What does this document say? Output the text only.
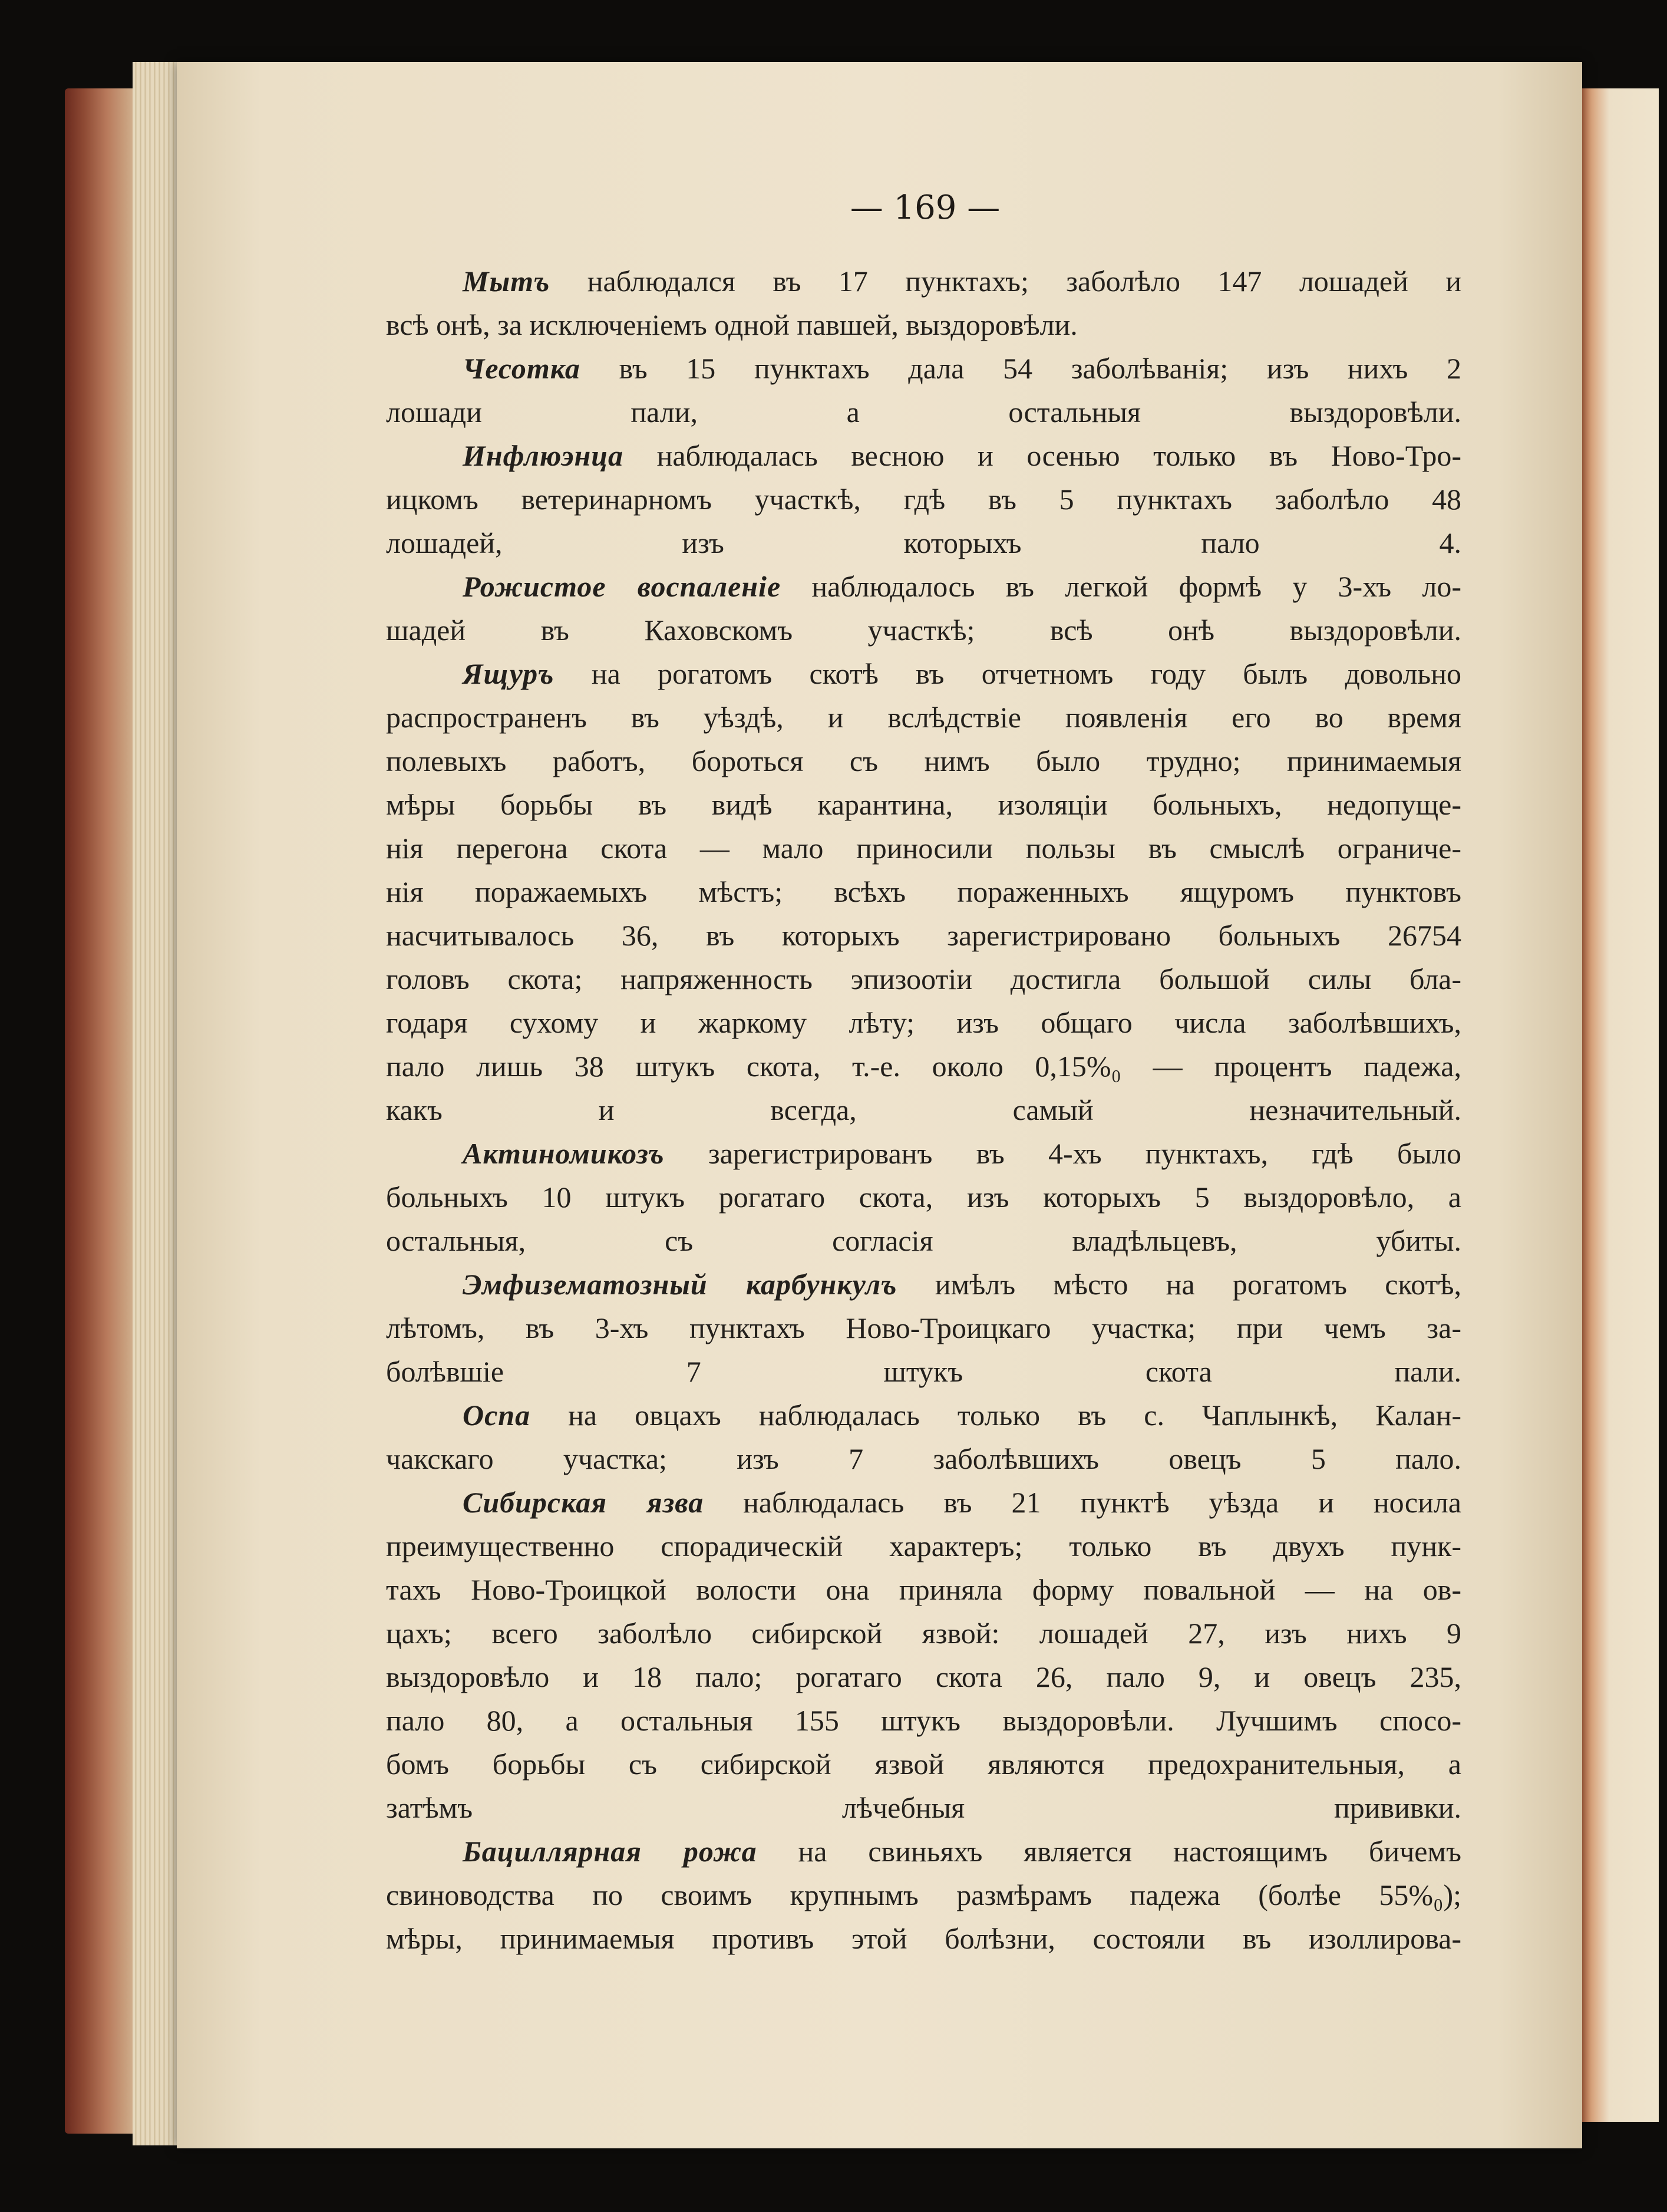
— 169 —

Мытъ наблюдался въ 17 пунктахъ; заболѣло 147 лошадей и
всѣ онѣ, за исключеніемъ одной павшей, выздоровѣли.

Чесотка въ 15 пунктахъ дала 54 заболѣванія; изъ нихъ 2
лошади пали, а остальныя выздоровѣли.

Инфлюэнца наблюдалась весною и осенью только въ Ново-Тро-
ицкомъ ветеринарномъ участкѣ, гдѣ въ 5 пунктахъ заболѣло 48
лошадей, изъ которыхъ пало 4.

Рожистое воспаленіе наблюдалось въ легкой формѣ у 3-хъ ло-
шадей въ Каховскомъ участкѣ; всѣ онѣ выздоровѣли.

Ящуръ на рогатомъ скотѣ въ отчетномъ году былъ довольно
распространенъ въ уѣздѣ, и вслѣдствіе появленія его во время
полевыхъ работъ, бороться съ нимъ было трудно; принимаемыя
мѣры борьбы въ видѣ карантина, изоляціи больныхъ, недопуще-
нія перегона скота — мало приносили пользы въ смыслѣ ограниче-
нія поражаемыхъ мѣстъ; всѣхъ пораженныхъ ящуромъ пунктовъ
насчитывалось 36, въ которыхъ зарегистрировано больныхъ 26754
головъ скота; напряженность эпизоотіи достигла большой силы бла-
годаря сухому и жаркому лѣту; изъ общаго числа заболѣвшихъ,
пало лишь 38 штукъ скота, т.-е. около 0,15%₀ — процентъ падежа,
какъ и всегда, самый незначительный.

Актиномикозъ зарегистрированъ въ 4-хъ пунктахъ, гдѣ было
больныхъ 10 штукъ рогатаго скота, изъ которыхъ 5 выздоровѣло, а
остальныя, съ согласія владѣльцевъ, убиты.

Эмфизематозный карбункулъ имѣлъ мѣсто на рогатомъ скотѣ,
лѣтомъ, въ 3-хъ пунктахъ Ново-Троицкаго участка; при чемъ за-
болѣвшіе 7 штукъ скота пали.

Оспа на овцахъ наблюдалась только въ с. Чаплынкѣ, Калан-
чакскаго участка; изъ 7 заболѣвшихъ овецъ 5 пало.

Сибирская язва наблюдалась въ 21 пунктѣ уѣзда и носила
преимущественно спорадическій характеръ; только въ двухъ пунк-
тахъ Ново-Троицкой волости она приняла форму повальной — на ов-
цахъ; всего заболѣло сибирской язвой: лошадей 27, изъ нихъ 9
выздоровѣло и 18 пало; рогатаго скота 26, пало 9, и овецъ 235,
пало 80, а остальныя 155 штукъ выздоровѣли. Лучшимъ спосо-
бомъ борьбы съ сибирской язвой являются предохранительныя, а
затѣмъ лѣчебныя прививки.

Бациллярная рожа на свиньяхъ является настоящимъ бичемъ
свиноводства по своимъ крупнымъ размѣрамъ падежа (болѣе 55%₀);
мѣры, принимаемыя противъ этой болѣзни, состояли въ изоллирова-
